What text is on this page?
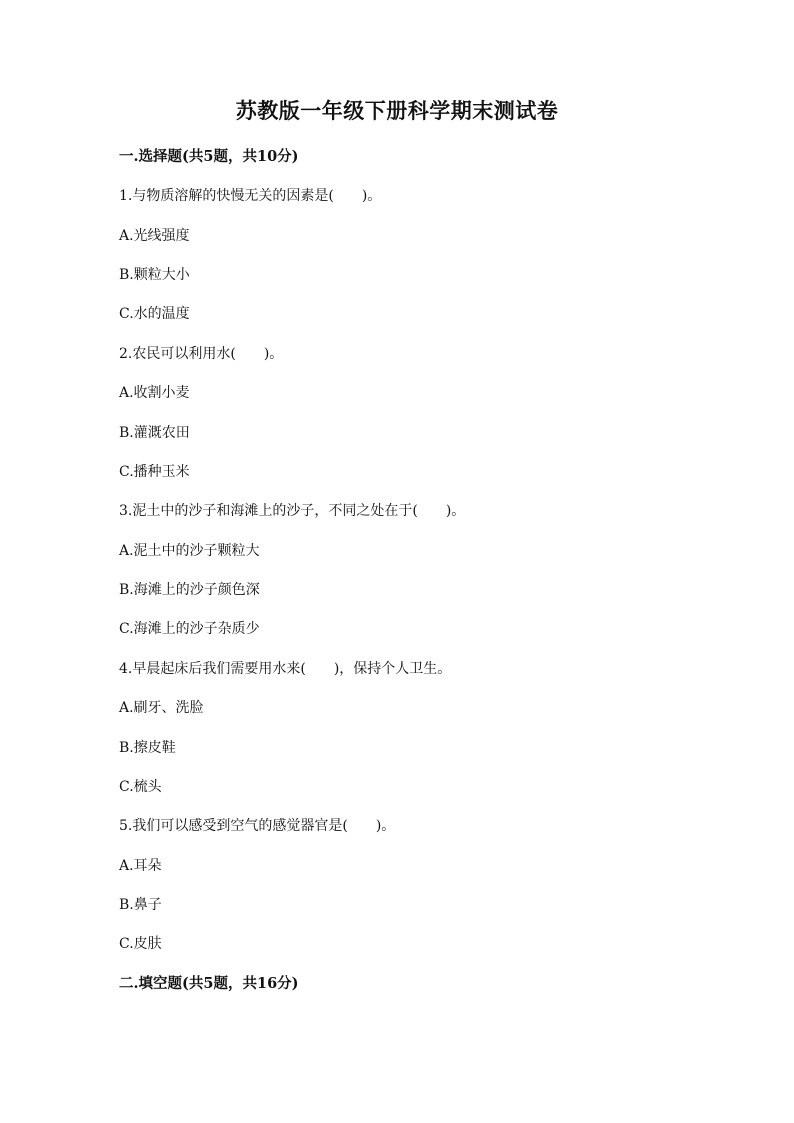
苏教版一年级下册科学期末测试卷
一.选择题(共5题，共10分)
1.与物质溶解的快慢无关的因素是(　　)。
A.光线强度
B.颗粒大小
C.水的温度
2.农民可以利用水(　　)。
A.收割小麦
B.灌溉农田
C.播种玉米
3.泥土中的沙子和海滩上的沙子，不同之处在于(　　)。
A.泥土中的沙子颗粒大
B.海滩上的沙子颜色深
C.海滩上的沙子杂质少
4.早晨起床后我们需要用水来(　　)，保持个人卫生。
A.刷牙、洗脸
B.擦皮鞋
C.梳头
5.我们可以感受到空气的感觉器官是(　　)。
A.耳朵
B.鼻子
C.皮肤
二.填空题(共5题，共16分)
